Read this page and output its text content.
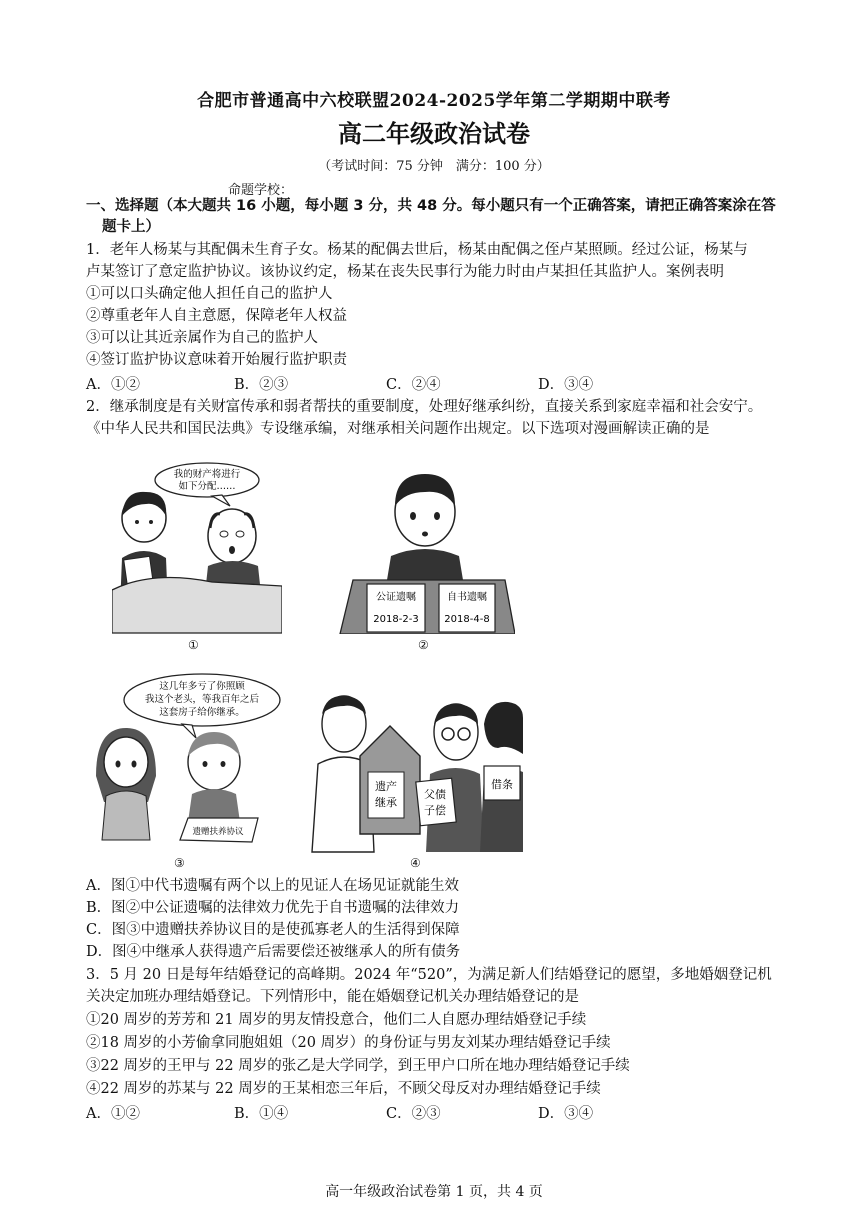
合肥市普通高中六校联盟2024-2025学年第二学期期中联考
高二年级政治试卷
（考试时间：75 分钟　满分：100 分）
命题学校：
一、选择题（本大题共 16 小题，每小题 3 分，共 48 分。每小题只有一个正确答案，请把正确答案涂在答
题卡上）
1．老年人杨某与其配偶未生育子女。杨某的配偶去世后，杨某由配偶之侄卢某照顾。经过公证，杨某与
卢某签订了意定监护协议。该协议约定，杨某在丧失民事行为能力时由卢某担任其监护人。案例表明
①可以口头确定他人担任自己的监护人
②尊重老年人自主意愿，保障老年人权益
③可以让其近亲属作为自己的监护人
④签订监护协议意味着开始履行监护职责
A．①②	B．②③	C．②④	D．③④
2．继承制度是有关财富传承和弱者帮扶的重要制度，处理好继承纠纷，直接关系到家庭幸福和社会安宁。
《中华人民共和国民法典》专设继承编，对继承相关问题作出规定。以下选项对漫画解读正确的是
我的财产将进行
如下分配……
①
公证遗嘱
2018-2-3
自书遗嘱
2018-4-8
②
这几年多亏了你照顾
我这个老头，等我百年之后
这套房子给你继承。
遗赠扶养协议
③
遗产
继承
父债
子偿
借条
④
A．图①中代书遗嘱有两个以上的见证人在场见证就能生效
B．图②中公证遗嘱的法律效力优先于自书遗嘱的法律效力
C．图③中遗赠扶养协议目的是使孤寡老人的生活得到保障
D．图④中继承人获得遗产后需要偿还被继承人的所有债务
3．5 月 20 日是每年结婚登记的高峰期。2024 年“520”，为满足新人们结婚登记的愿望，多地婚姻登记机
关决定加班办理结婚登记。下列情形中，能在婚姻登记机关办理结婚登记的是
①20 周岁的芳芳和 21 周岁的男友情投意合，他们二人自愿办理结婚登记手续
②18 周岁的小芳偷拿同胞姐姐（20 周岁）的身份证与男友刘某办理结婚登记手续
③22 周岁的王甲与 22 周岁的张乙是大学同学，到王甲户口所在地办理结婚登记手续
④22 周岁的苏某与 22 周岁的王某相恋三年后，不顾父母反对办理结婚登记手续
A．①②	B．①④	C．②③	D．③④
高一年级政治试卷第 1 页，共 4 页
